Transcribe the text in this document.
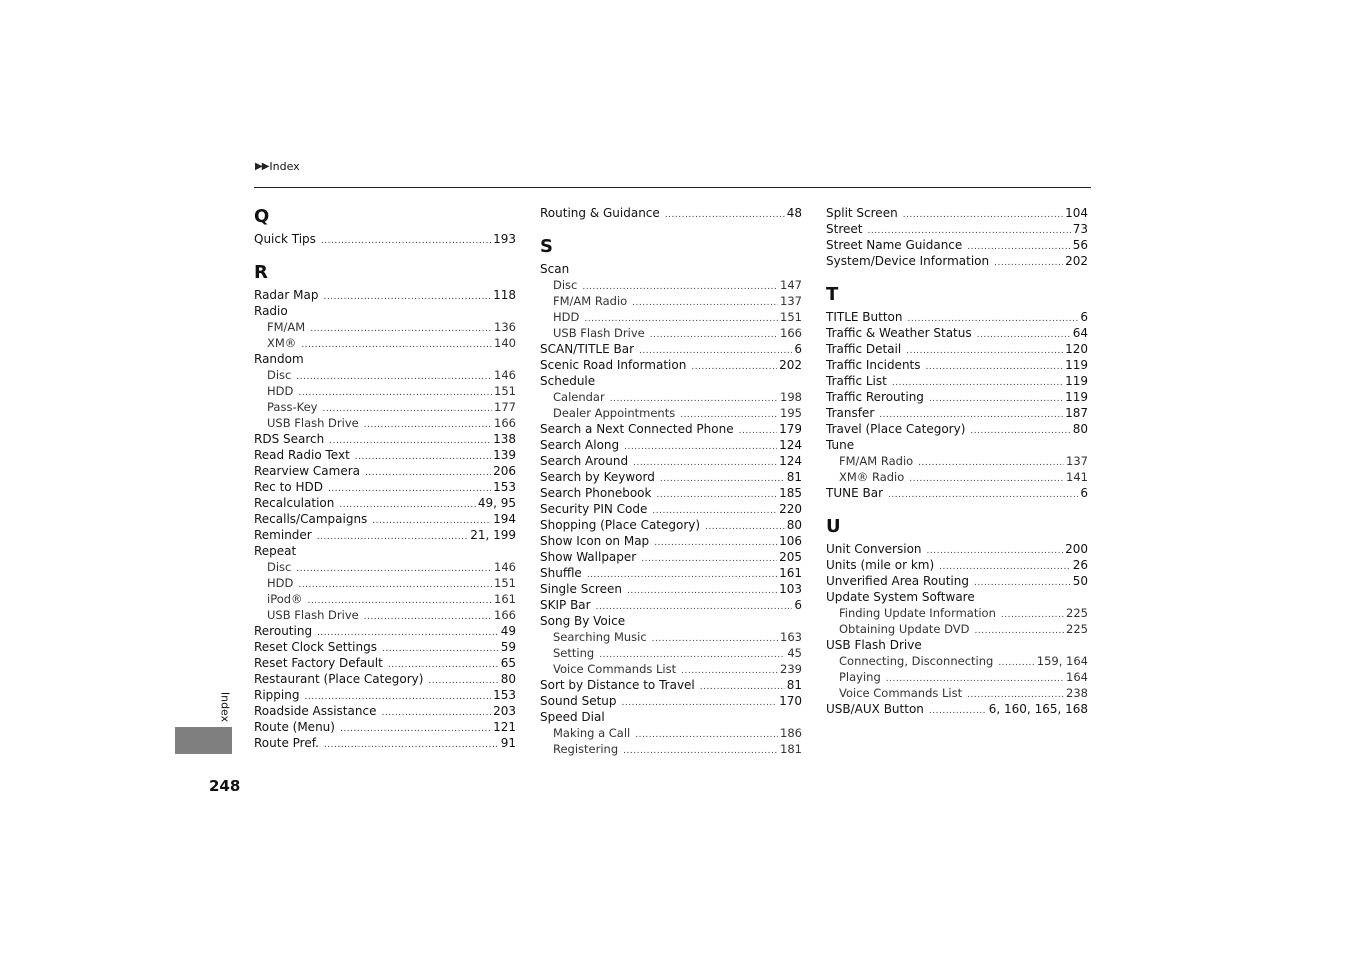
▶▶ Index
Q
Quick Tips .....	193
R
Radar Map .....	118
Radio
FM/AM .....	136
XM® .....	140
Random
Disc .....	146
HDD .....	151
Pass-Key .....	177
USB Flash Drive .....	166
RDS Search .....	138
Read Radio Text .....	139
Rearview Camera .....	206
Rec to HDD .....	153
Recalculation .....	49, 95
Recalls/Campaigns .....	194
Reminder .....	21, 199
Repeat
Disc .....	146
HDD .....	151
iPod® .....	161
USB Flash Drive .....	166
Rerouting .....	49
Reset Clock Settings .....	59
Reset Factory Default .....	65
Restaurant (Place Category) .....	80
Ripping .....	153
Roadside Assistance .....	203
Route (Menu) .....	121
Route Pref. .....	91
Routing & Guidance .....	48
S
Scan
Disc .....	147
FM/AM Radio .....	137
HDD .....	151
USB Flash Drive .....	166
SCAN/TITLE Bar .....	6
Scenic Road Information .....	202
Schedule
Calendar .....	198
Dealer Appointments .....	195
Search a Next Connected Phone .....	179
Search Along .....	124
Search Around .....	124
Search by Keyword .....	81
Search Phonebook .....	185
Security PIN Code .....	220
Shopping (Place Category) .....	80
Show Icon on Map .....	106
Show Wallpaper .....	205
Shuffle .....	161
Single Screen .....	103
SKIP Bar .....	6
Song By Voice
Searching Music .....	163
Setting .....	45
Voice Commands List .....	239
Sort by Distance to Travel .....	81
Sound Setup .....	170
Speed Dial
Making a Call .....	186
Registering .....	181
Split Screen .....	104
Street .....	73
Street Name Guidance .....	56
System/Device Information .....	202
T
TITLE Button .....	6
Traffic & Weather Status .....	64
Traffic Detail .....	120
Traffic Incidents .....	119
Traffic List .....	119
Traffic Rerouting .....	119
Transfer .....	187
Travel (Place Category) .....	80
Tune
FM/AM Radio .....	137
XM® Radio .....	141
TUNE Bar .....	6
U
Unit Conversion .....	200
Units (mile or km) .....	26
Unverified Area Routing .....	50
Update System Software
Finding Update Information .....	225
Obtaining Update DVD .....	225
USB Flash Drive
Connecting, Disconnecting .....	159, 164
Playing .....	164
Voice Commands List .....	238
USB/AUX Button .....	6, 160, 165, 168
Index
248
